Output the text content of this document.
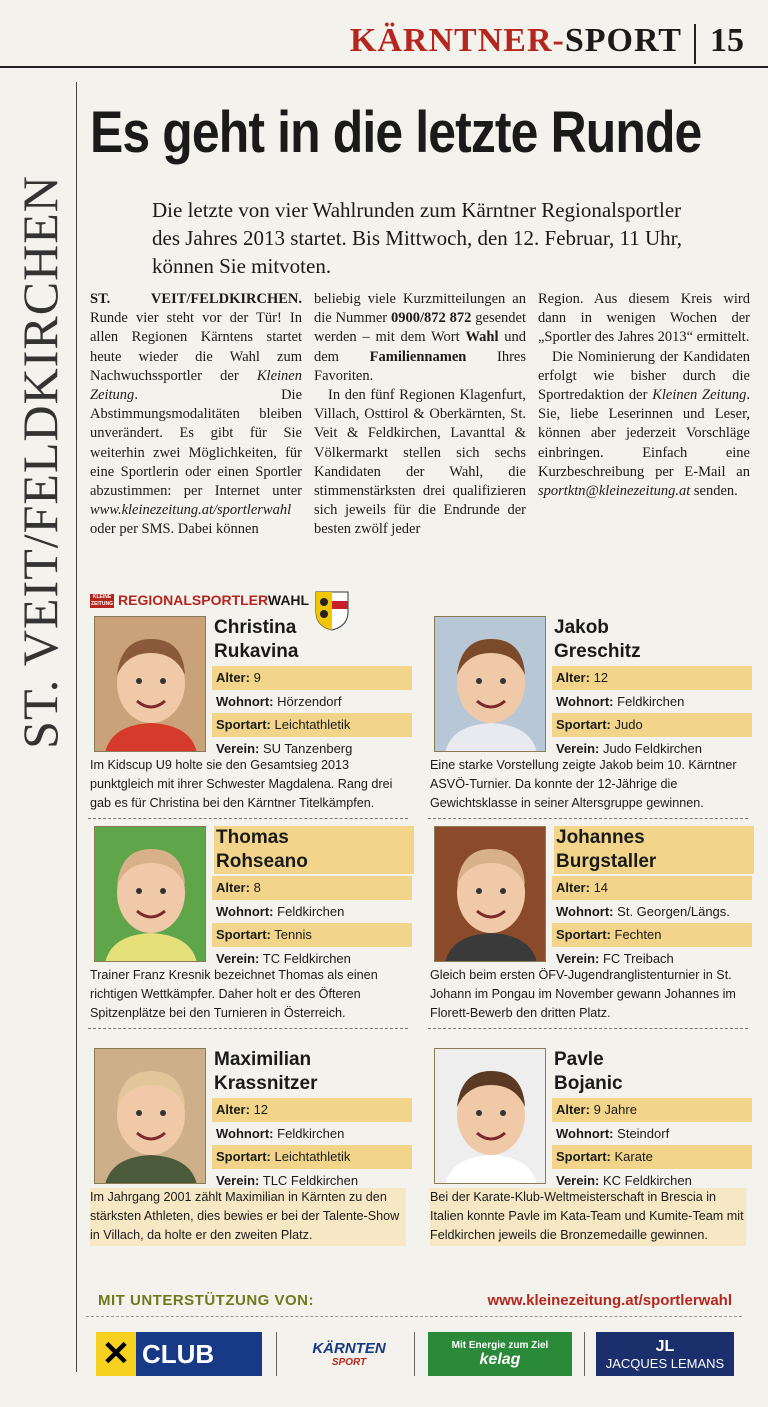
KÄRNTNER-SPORT 15
ST. VEIT/FELDKIRCHEN
Es geht in die letzte Runde
Die letzte von vier Wahlrunden zum Kärntner Regionalsportler des Jahres 2013 startet. Bis Mittwoch, den 12. Februar, 11 Uhr, können Sie mitvoten.

ST. VEIT/FELDKIRCHEN. Runde vier steht vor der Tür! In allen Regionen Kärntens startet heute wieder die Wahl zum Nachwuchssportler der Kleinen Zeitung. Die Abstimmungsmodalitäten bleiben unverändert. Es gibt für Sie weiterhin zwei Möglichkeiten, für eine Sportlerin oder einen Sportler abzustimmen: per Internet unter www.kleinezeitung.at/sportlerwahl oder per SMS. Dabei können

beliebig viele Kurzmitteilungen an die Nummer 0900/872 872 gesendet werden – mit dem Wort Wahl und dem Familiennamen Ihres Favoriten.

In den fünf Regionen Klagenfurt, Villach, Osttirol & Oberkärnten, St. Veit & Feldkirchen, Lavanttal & Völkermarkt stellen sich sechs Kandidaten der Wahl, die stimmenstärksten drei qualifizieren sich jeweils für die Endrunde der besten zwölf jeder

Region. Aus diesem Kreis wird dann in wenigen Wochen der „Sportler des Jahres 2013“ ermittelt.

Die Nominierung der Kandidaten erfolgt wie bisher durch die Sportredaktion der Kleinen Zeitung. Sie, liebe Leserinnen und Leser, können aber jederzeit Vorschläge einbringen. Einfach eine Kurzbeschreibung per E-Mail an sportktn@kleinezeitung.at senden.

KLEINE ZEITUNG REGIONALSPORTLERWAHL
Christina
Rukavina
Alter: 9
Wohnort: Hörzendorf
Sportart: Leichtathletik
Verein: SU Tanzenberg
Im Kidscup U9 holte sie den Gesamtsieg 2013 punktgleich mit ihrer Schwester Magdalena. Rang drei gab es für Christina bei den Kärntner Titelkämpfen.
Jakob
Greschitz
Alter: 12
Wohnort: Feldkirchen
Sportart: Judo
Verein: Judo Feldkirchen
Eine starke Vorstellung zeigte Jakob beim 10. Kärntner ASVÖ-Turnier. Da konnte der 12-Jährige die Gewichtsklasse in seiner Altersgruppe gewinnen.
Thomas
Rohseano
Alter: 8
Wohnort: Feldkirchen
Sportart: Tennis
Verein: TC Feldkirchen
Trainer Franz Kresnik bezeichnet Thomas als einen richtigen Wettkämpfer. Daher holt er des Öfteren Spitzenplätze bei den Turnieren in Österreich.
Johannes
Burgstaller
Alter: 14
Wohnort: St. Georgen/Längs.
Sportart: Fechten
Verein: FC Treibach
Gleich beim ersten ÖFV-Jugendranglistenturnier in St. Johann im Pongau im November gewann Johannes im Florett-Bewerb den dritten Platz.
Maximilian
Krassnitzer
Alter: 12
Wohnort: Feldkirchen
Sportart: Leichtathletik
Verein: TLC Feldkirchen
Im Jahrgang 2001 zählt Maximilian in Kärnten zu den stärksten Athleten, dies bewies er bei der Talente-Show in Villach, da holte er den zweiten Platz.
Pavle
Bojanic
Alter: 9 Jahre
Wohnort: Steindorf
Sportart: Karate
Verein: KC Feldkirchen
Bei der Karate-Klub-Weltmeisterschaft in Brescia in Italien konnte Pavle im Kata-Team und Kumite-Team mit Feldkirchen jeweils die Bronzemedaille gewinnen.
MIT UNTERSTÜTZUNG VON:	www.kleinezeitung.at/sportlerwahl
✕ CLUB	KÄRNTEN
SPORT
Mit Energie zum Ziel
kelag
JL
JACQUES LEMANS
